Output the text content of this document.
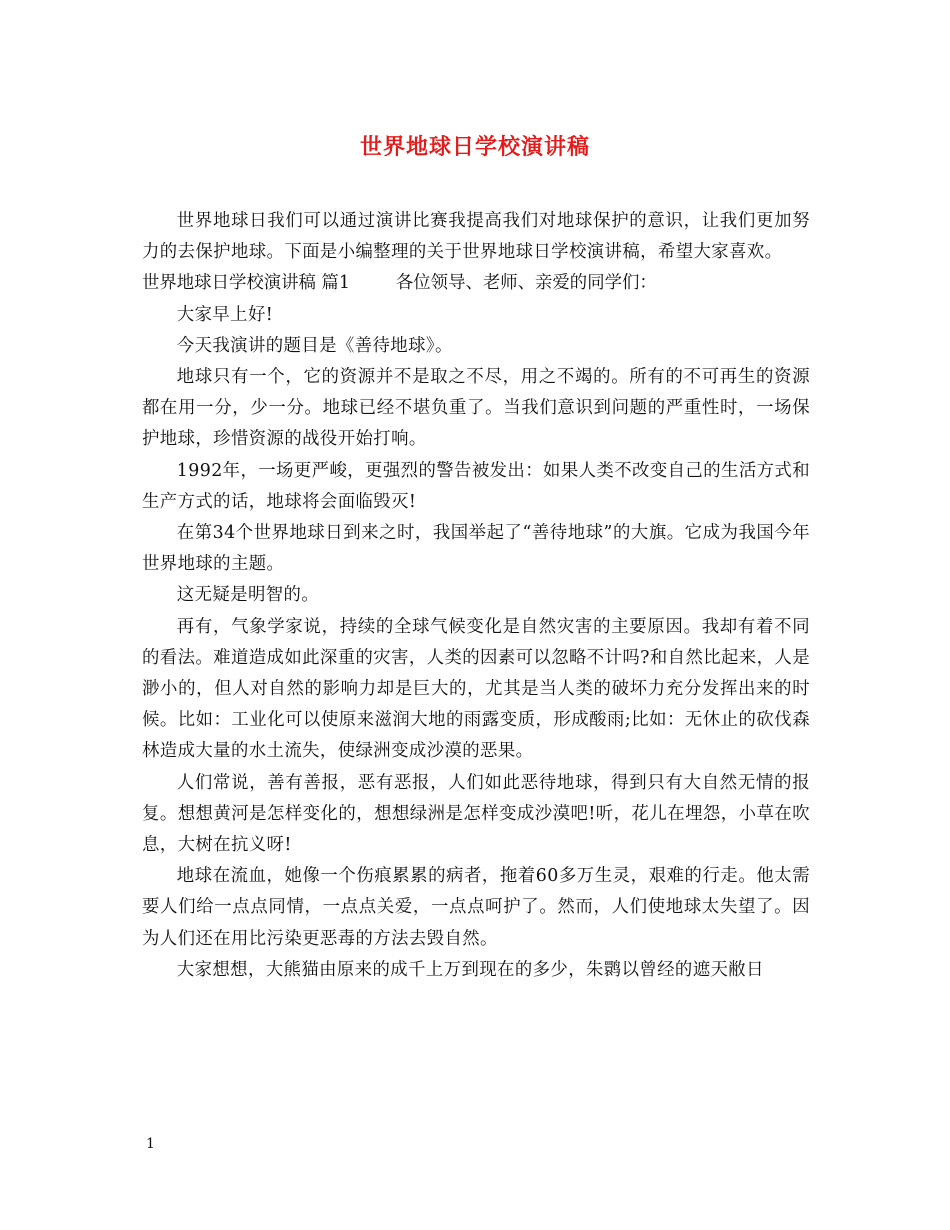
世界地球日学校演讲稿

世界地球日我们可以通过演讲比赛我提高我们对地球保护的意识，让我们更加努力的去保护地球。下面是小编整理的关于世界地球日学校演讲稿，希望大家喜欢。

世界地球日学校演讲稿 篇1	各位领导、老师、亲爱的同学们：

大家早上好!

今天我演讲的题目是《善待地球》。

地球只有一个，它的资源并不是取之不尽，用之不竭的。所有的不可再生的资源都在用一分，少一分。地球已经不堪负重了。当我们意识到问题的严重性时，一场保护地球，珍惜资源的战役开始打响。

1992年，一场更严峻，更强烈的警告被发出：如果人类不改变自己的生活方式和生产方式的话，地球将会面临毁灭!

在第34个世界地球日到来之时，我国举起了“善待地球”的大旗。它成为我国今年世界地球的主题。

这无疑是明智的。

再有，气象学家说，持续的全球气候变化是自然灾害的主要原因。我却有着不同的看法。难道造成如此深重的灾害，人类的因素可以忽略不计吗?和自然比起来，人是渺小的，但人对自然的影响力却是巨大的，尤其是当人类的破坏力充分发挥出来的时候。比如：工业化可以使原来滋润大地的雨露变质，形成酸雨;比如：无休止的砍伐森林造成大量的水土流失，使绿洲变成沙漠的恶果。

人们常说，善有善报，恶有恶报，人们如此恶待地球，得到只有大自然无情的报复。想想黄河是怎样变化的，想想绿洲是怎样变成沙漠吧!听，花儿在埋怨，小草在吹息，大树在抗义呀!

地球在流血，她像一个伤痕累累的病者，拖着60多万生灵，艰难的行走。他太需要人们给一点点同情，一点点关爱，一点点呵护了。然而，人们使地球太失望了。因为人们还在用比污染更恶毒的方法去毁自然。

大家想想，大熊猫由原来的成千上万到现在的多少，朱鹮以曾经的遮天敝日

1
